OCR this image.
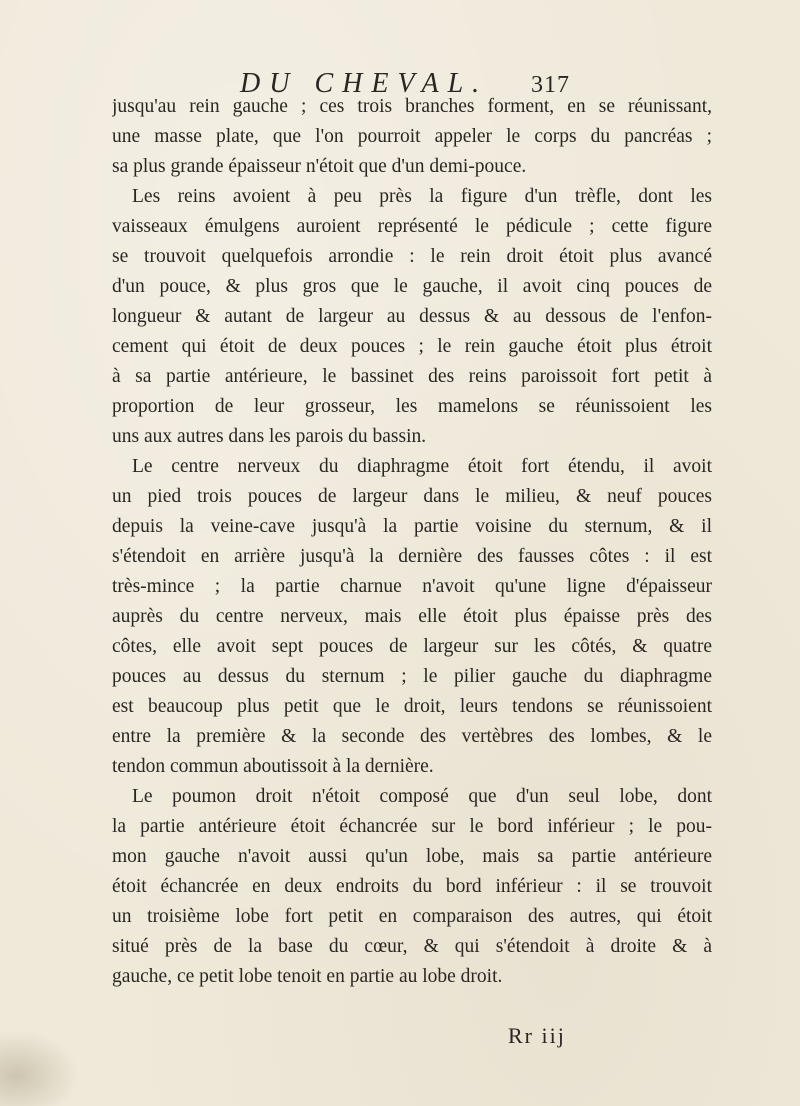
DU CHEVAL. 317
jusqu'au rein gauche ; ces trois branches forment, en se réunissant,
une masse plate, que l'on pourroit appeler le corps du pancréas ;
sa plus grande épaisseur n'étoit que d'un demi-pouce.
Les reins avoient à peu près la figure d'un trèfle, dont les
vaisseaux émulgens auroient représenté le pédicule ; cette figure
se trouvoit quelquefois arrondie : le rein droit étoit plus avancé
d'un pouce, & plus gros que le gauche, il avoit cinq pouces de
longueur & autant de largeur au dessus & au dessous de l'enfon-
cement qui étoit de deux pouces ; le rein gauche étoit plus étroit
à sa partie antérieure, le bassinet des reins paroissoit fort petit à
proportion de leur grosseur, les mamelons se réunissoient les
uns aux autres dans les parois du bassin.
Le centre nerveux du diaphragme étoit fort étendu, il avoit
un pied trois pouces de largeur dans le milieu, & neuf pouces
depuis la veine-cave jusqu'à la partie voisine du sternum, & il
s'étendoit en arrière jusqu'à la dernière des fausses côtes : il est
très-mince ; la partie charnue n'avoit qu'une ligne d'épaisseur
auprès du centre nerveux, mais elle étoit plus épaisse près des
côtes, elle avoit sept pouces de largeur sur les côtés, & quatre
pouces au dessus du sternum ; le pilier gauche du diaphragme
est beaucoup plus petit que le droit, leurs tendons se réunissoient
entre la première & la seconde des vertèbres des lombes, & le
tendon commun aboutissoit à la dernière.
Le poumon droit n'étoit composé que d'un seul lobe, dont
la partie antérieure étoit échancrée sur le bord inférieur ; le pou-
mon gauche n'avoit aussi qu'un lobe, mais sa partie antérieure
étoit échancrée en deux endroits du bord inférieur : il se trouvoit
un troisième lobe fort petit en comparaison des autres, qui étoit
situé près de la base du cœur, & qui s'étendoit à droite & à
gauche, ce petit lobe tenoit en partie au lobe droit.
Rr iij
